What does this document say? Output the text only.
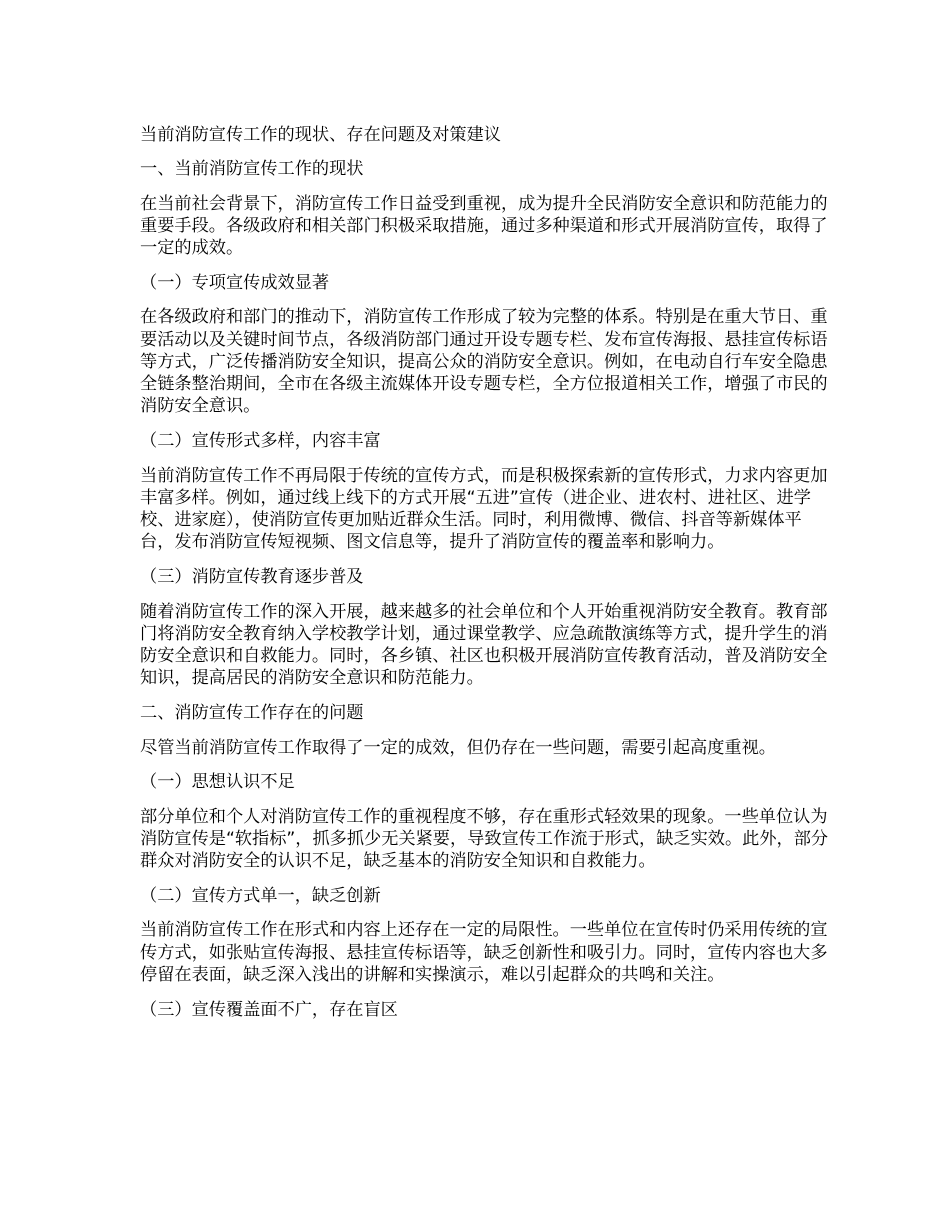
当前消防宣传工作的现状、存在问题及对策建议

一、当前消防宣传工作的现状

在当前社会背景下，消防宣传工作日益受到重视，成为提升全民消防安全意识和防范能力的重要手段。各级政府和相关部门积极采取措施，通过多种渠道和形式开展消防宣传，取得了一定的成效。

（一）专项宣传成效显著

在各级政府和部门的推动下，消防宣传工作形成了较为完整的体系。特别是在重大节日、重要活动以及关键时间节点，各级消防部门通过开设专题专栏、发布宣传海报、悬挂宣传标语等方式，广泛传播消防安全知识，提高公众的消防安全意识。例如，在电动自行车安全隐患全链条整治期间，全市在各级主流媒体开设专题专栏，全方位报道相关工作，增强了市民的消防安全意识。

（二）宣传形式多样，内容丰富

当前消防宣传工作不再局限于传统的宣传方式，而是积极探索新的宣传形式，力求内容更加丰富多样。例如，通过线上线下的方式开展“五进”宣传（进企业、进农村、进社区、进学校、进家庭），使消防宣传更加贴近群众生活。同时，利用微博、微信、抖音等新媒体平台，发布消防宣传短视频、图文信息等，提升了消防宣传的覆盖率和影响力。

（三）消防宣传教育逐步普及

随着消防宣传工作的深入开展，越来越多的社会单位和个人开始重视消防安全教育。教育部门将消防安全教育纳入学校教学计划，通过课堂教学、应急疏散演练等方式，提升学生的消防安全意识和自救能力。同时，各乡镇、社区也积极开展消防宣传教育活动，普及消防安全知识，提高居民的消防安全意识和防范能力。

二、消防宣传工作存在的问题

尽管当前消防宣传工作取得了一定的成效，但仍存在一些问题，需要引起高度重视。

（一）思想认识不足

部分单位和个人对消防宣传工作的重视程度不够，存在重形式轻效果的现象。一些单位认为消防宣传是“软指标”，抓多抓少无关紧要，导致宣传工作流于形式，缺乏实效。此外，部分群众对消防安全的认识不足，缺乏基本的消防安全知识和自救能力。

（二）宣传方式单一，缺乏创新

当前消防宣传工作在形式和内容上还存在一定的局限性。一些单位在宣传时仍采用传统的宣传方式，如张贴宣传海报、悬挂宣传标语等，缺乏创新性和吸引力。同时，宣传内容也大多停留在表面，缺乏深入浅出的讲解和实操演示，难以引起群众的共鸣和关注。

（三）宣传覆盖面不广，存在盲区
